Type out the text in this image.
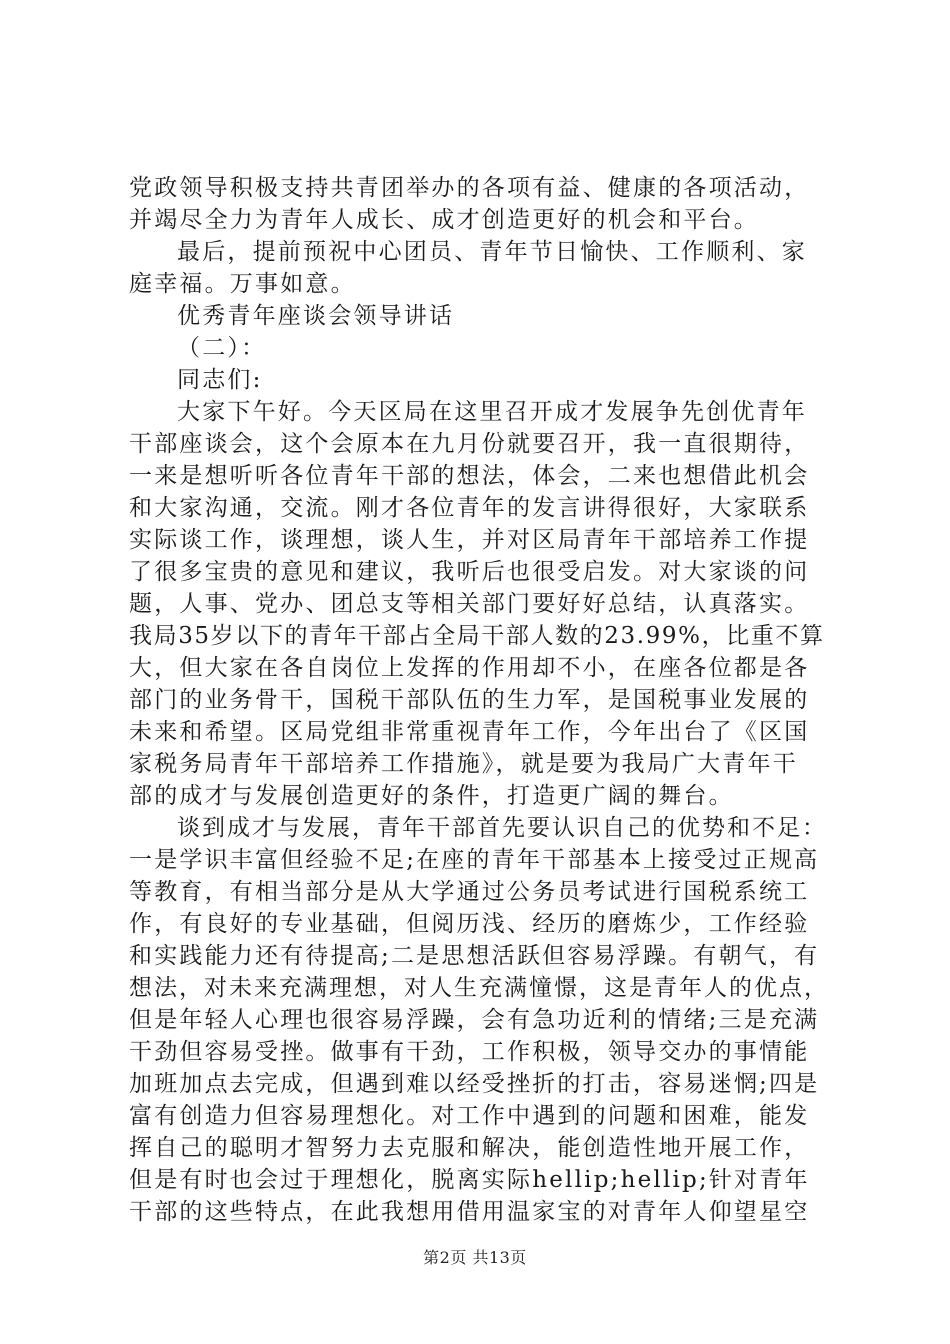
党政领导积极支持共青团举办的各项有益、健康的各项活动，
并竭尽全力为青年人成长、成才创造更好的机会和平台。
最后，提前预祝中心团员、青年节日愉快、工作顺利、家
庭幸福。万事如意。
优秀青年座谈会领导讲话
（二）：
同志们:
大家下午好。今天区局在这里召开成才发展争先创优青年
干部座谈会，这个会原本在九月份就要召开，我一直很期待，
一来是想听听各位青年干部的想法，体会，二来也想借此机会
和大家沟通，交流。刚才各位青年的发言讲得很好，大家联系
实际谈工作，谈理想，谈人生，并对区局青年干部培养工作提
了很多宝贵的意见和建议，我听后也很受启发。对大家谈的问
题，人事、党办、团总支等相关部门要好好总结，认真落实。
我局35岁以下的青年干部占全局干部人数的23.99%，比重不算
大，但大家在各自岗位上发挥的作用却不小，在座各位都是各
部门的业务骨干，国税干部队伍的生力军，是国税事业发展的
未来和希望。区局党组非常重视青年工作，今年出台了《区国
家税务局青年干部培养工作措施》，就是要为我局广大青年干
部的成才与发展创造更好的条件，打造更广阔的舞台。
谈到成才与发展，青年干部首先要认识自己的优势和不足：
一是学识丰富但经验不足;在座的青年干部基本上接受过正规高
等教育，有相当部分是从大学通过公务员考试进行国税系统工
作，有良好的专业基础，但阅历浅、经历的磨炼少，工作经验
和实践能力还有待提高;二是思想活跃但容易浮躁。有朝气，有
想法，对未来充满理想，对人生充满憧憬，这是青年人的优点，
但是年轻人心理也很容易浮躁，会有急功近利的情绪;三是充满
干劲但容易受挫。做事有干劲，工作积极，领导交办的事情能
加班加点去完成，但遇到难以经受挫折的打击，容易迷惘;四是
富有创造力但容易理想化。对工作中遇到的问题和困难，能发
挥自己的聪明才智努力去克服和解决，能创造性地开展工作，
但是有时也会过于理想化，脱离实际hellip;hellip;针对青年
干部的这些特点，在此我想用借用温家宝的对青年人仰望星空
第2页 共13页
